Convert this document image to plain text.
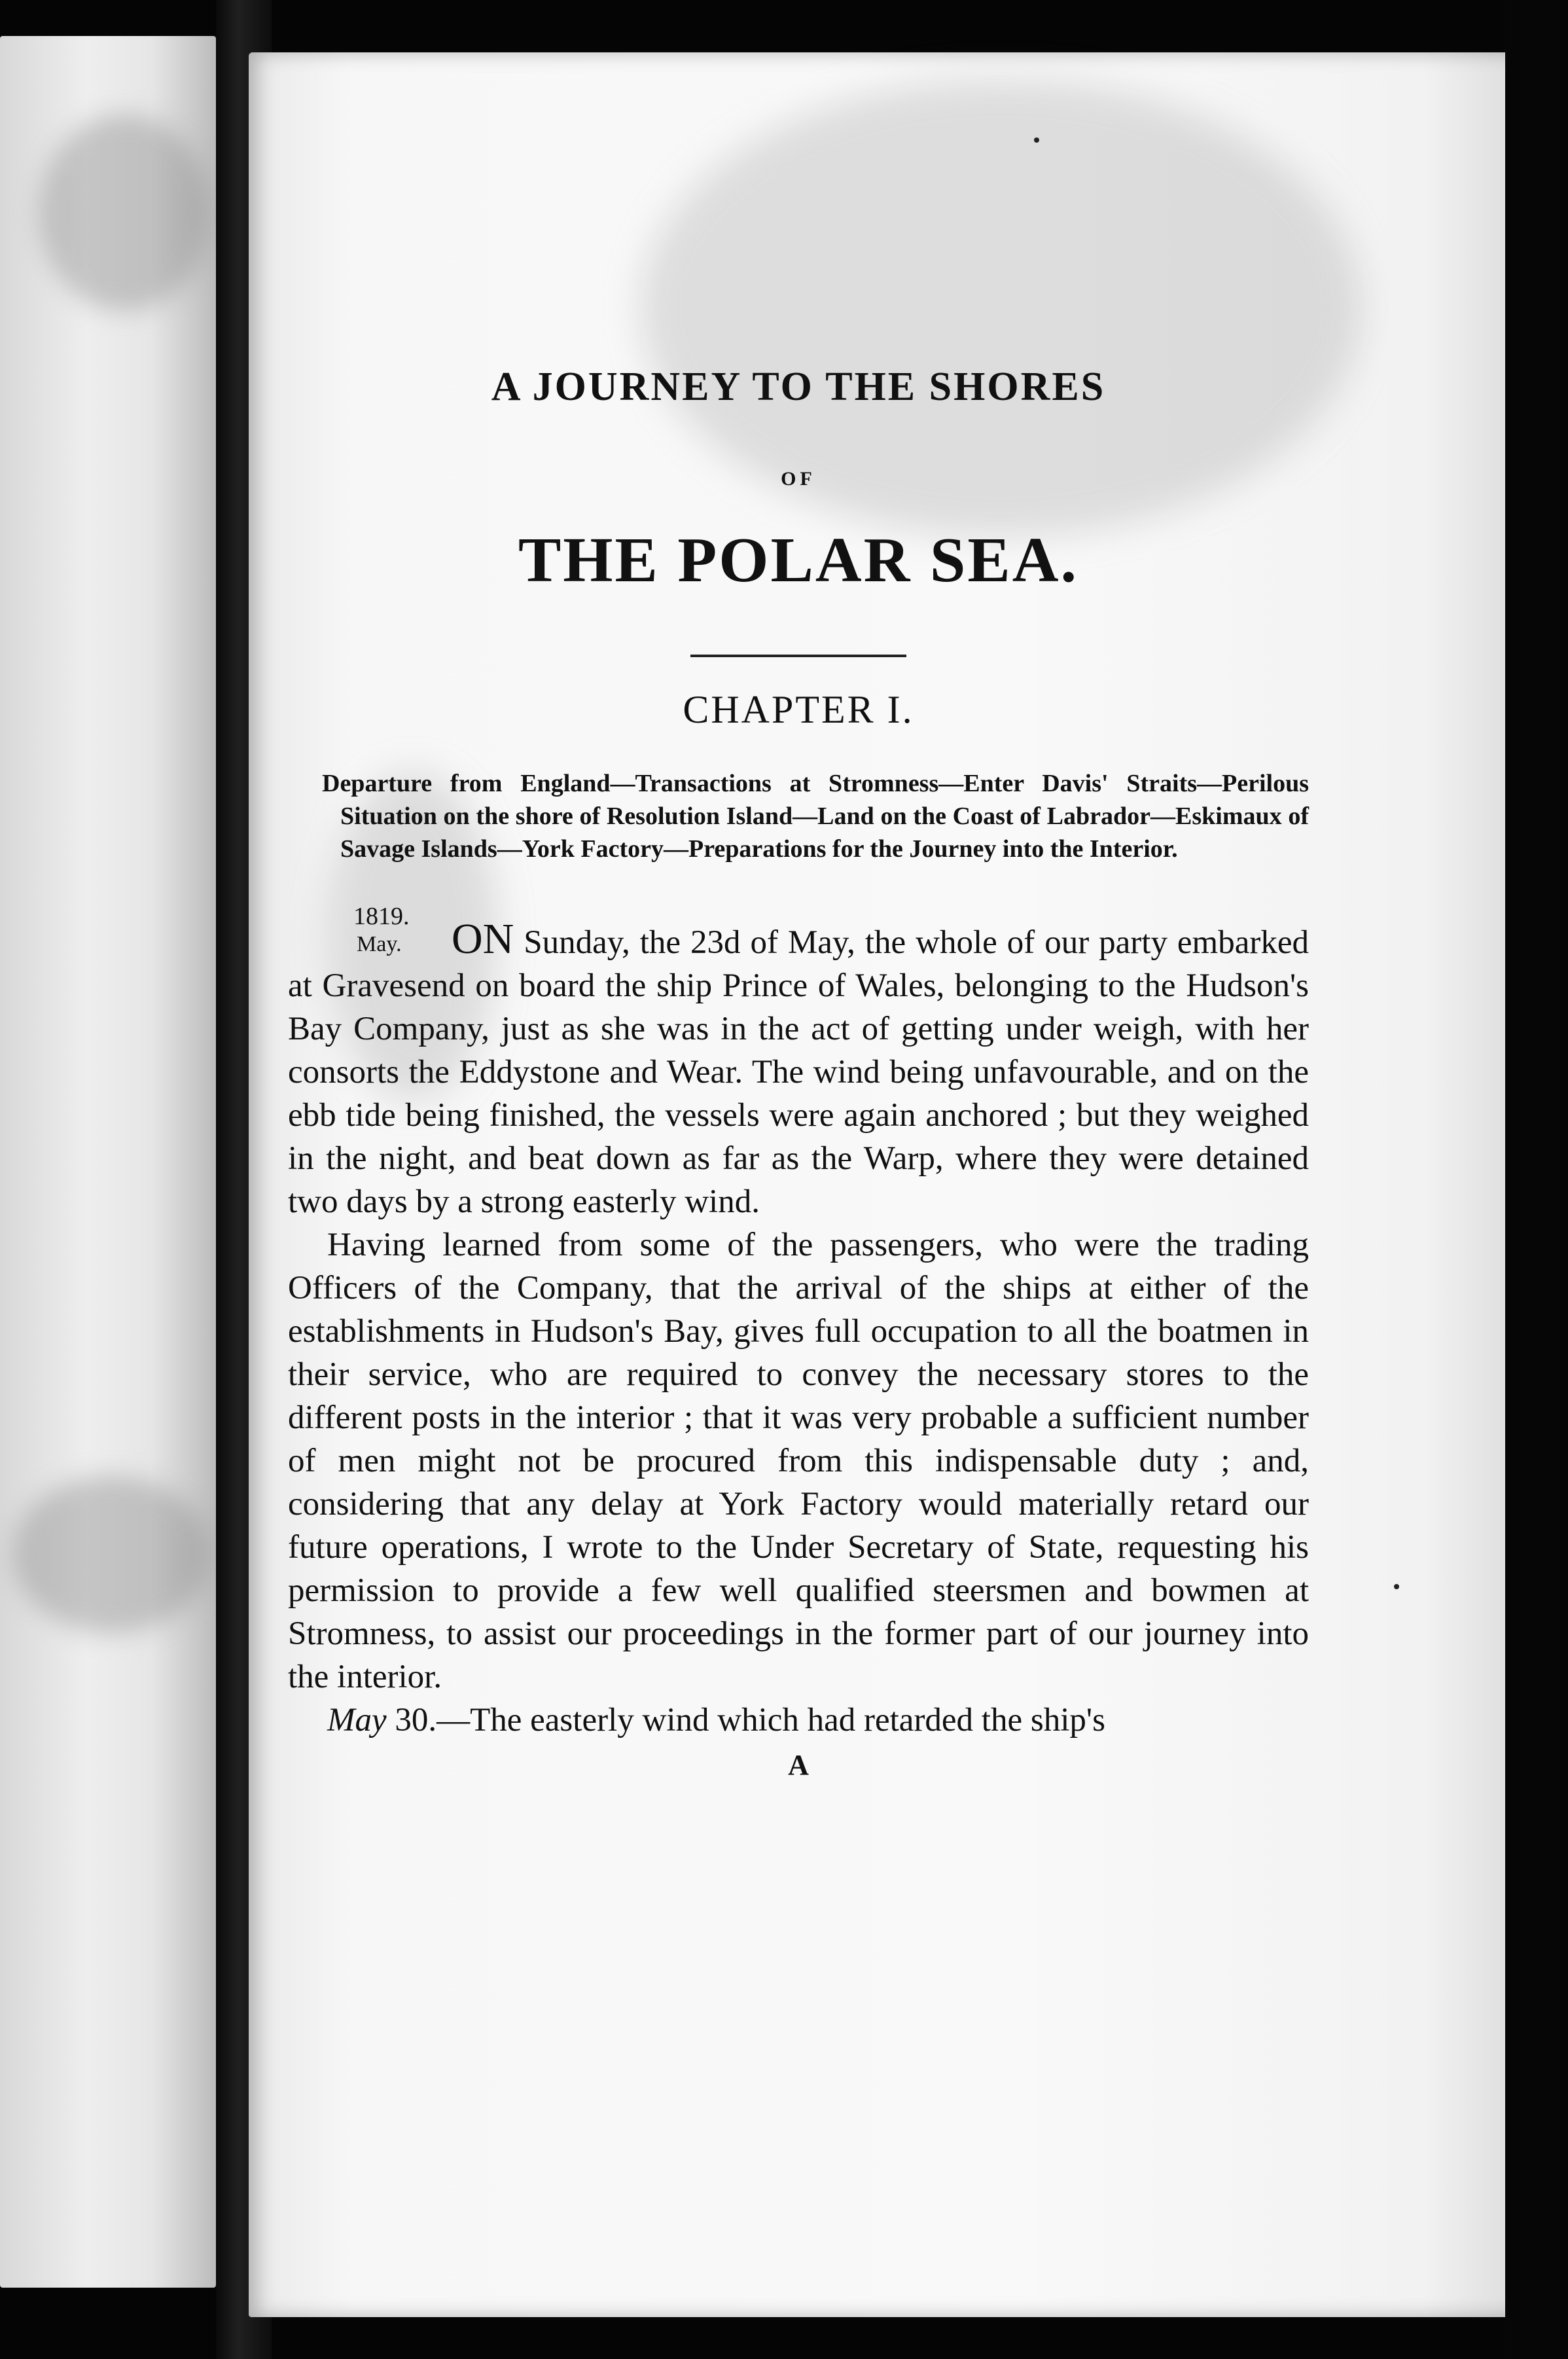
A JOURNEY TO THE SHORES

OF
THE POLAR SEA.
CHAPTER I.

Departure from England—Transactions at Stromness—Enter Davis' Straits—Perilous Situation on the shore of Resolution Island—Land on the Coast of Labrador—Eskimaux of Savage Islands—York Factory—Preparations for the Journey into the Interior.

1819.
May.	ON Sunday, the 23d of May, the whole of our party embarked at Gravesend on board the ship Prince of Wales, belonging to the Hudson's Bay Company, just as she was in the act of getting under weigh, with her consorts the Eddystone and Wear. The wind being unfavourable, and on the ebb tide being finished, the vessels were again anchored ; but they weighed in the night, and beat down as far as the Warp, where they were detained two days by a strong easterly wind.

Having learned from some of the passengers, who were the trading Officers of the Company, that the arrival of the ships at either of the establishments in Hudson's Bay, gives full occupation to all the boatmen in their service, who are required to convey the necessary stores to the different posts in the interior ; that it was very probable a sufficient number of men might not be procured from this indispensable duty ; and, considering that any delay at York Factory would materially retard our future operations, I wrote to the Under Secretary of State, requesting his permission to provide a few well qualified steersmen and bowmen at Stromness, to assist our proceedings in the former part of our journey into the interior.

May 30.—The easterly wind which had retarded the ship's

A
